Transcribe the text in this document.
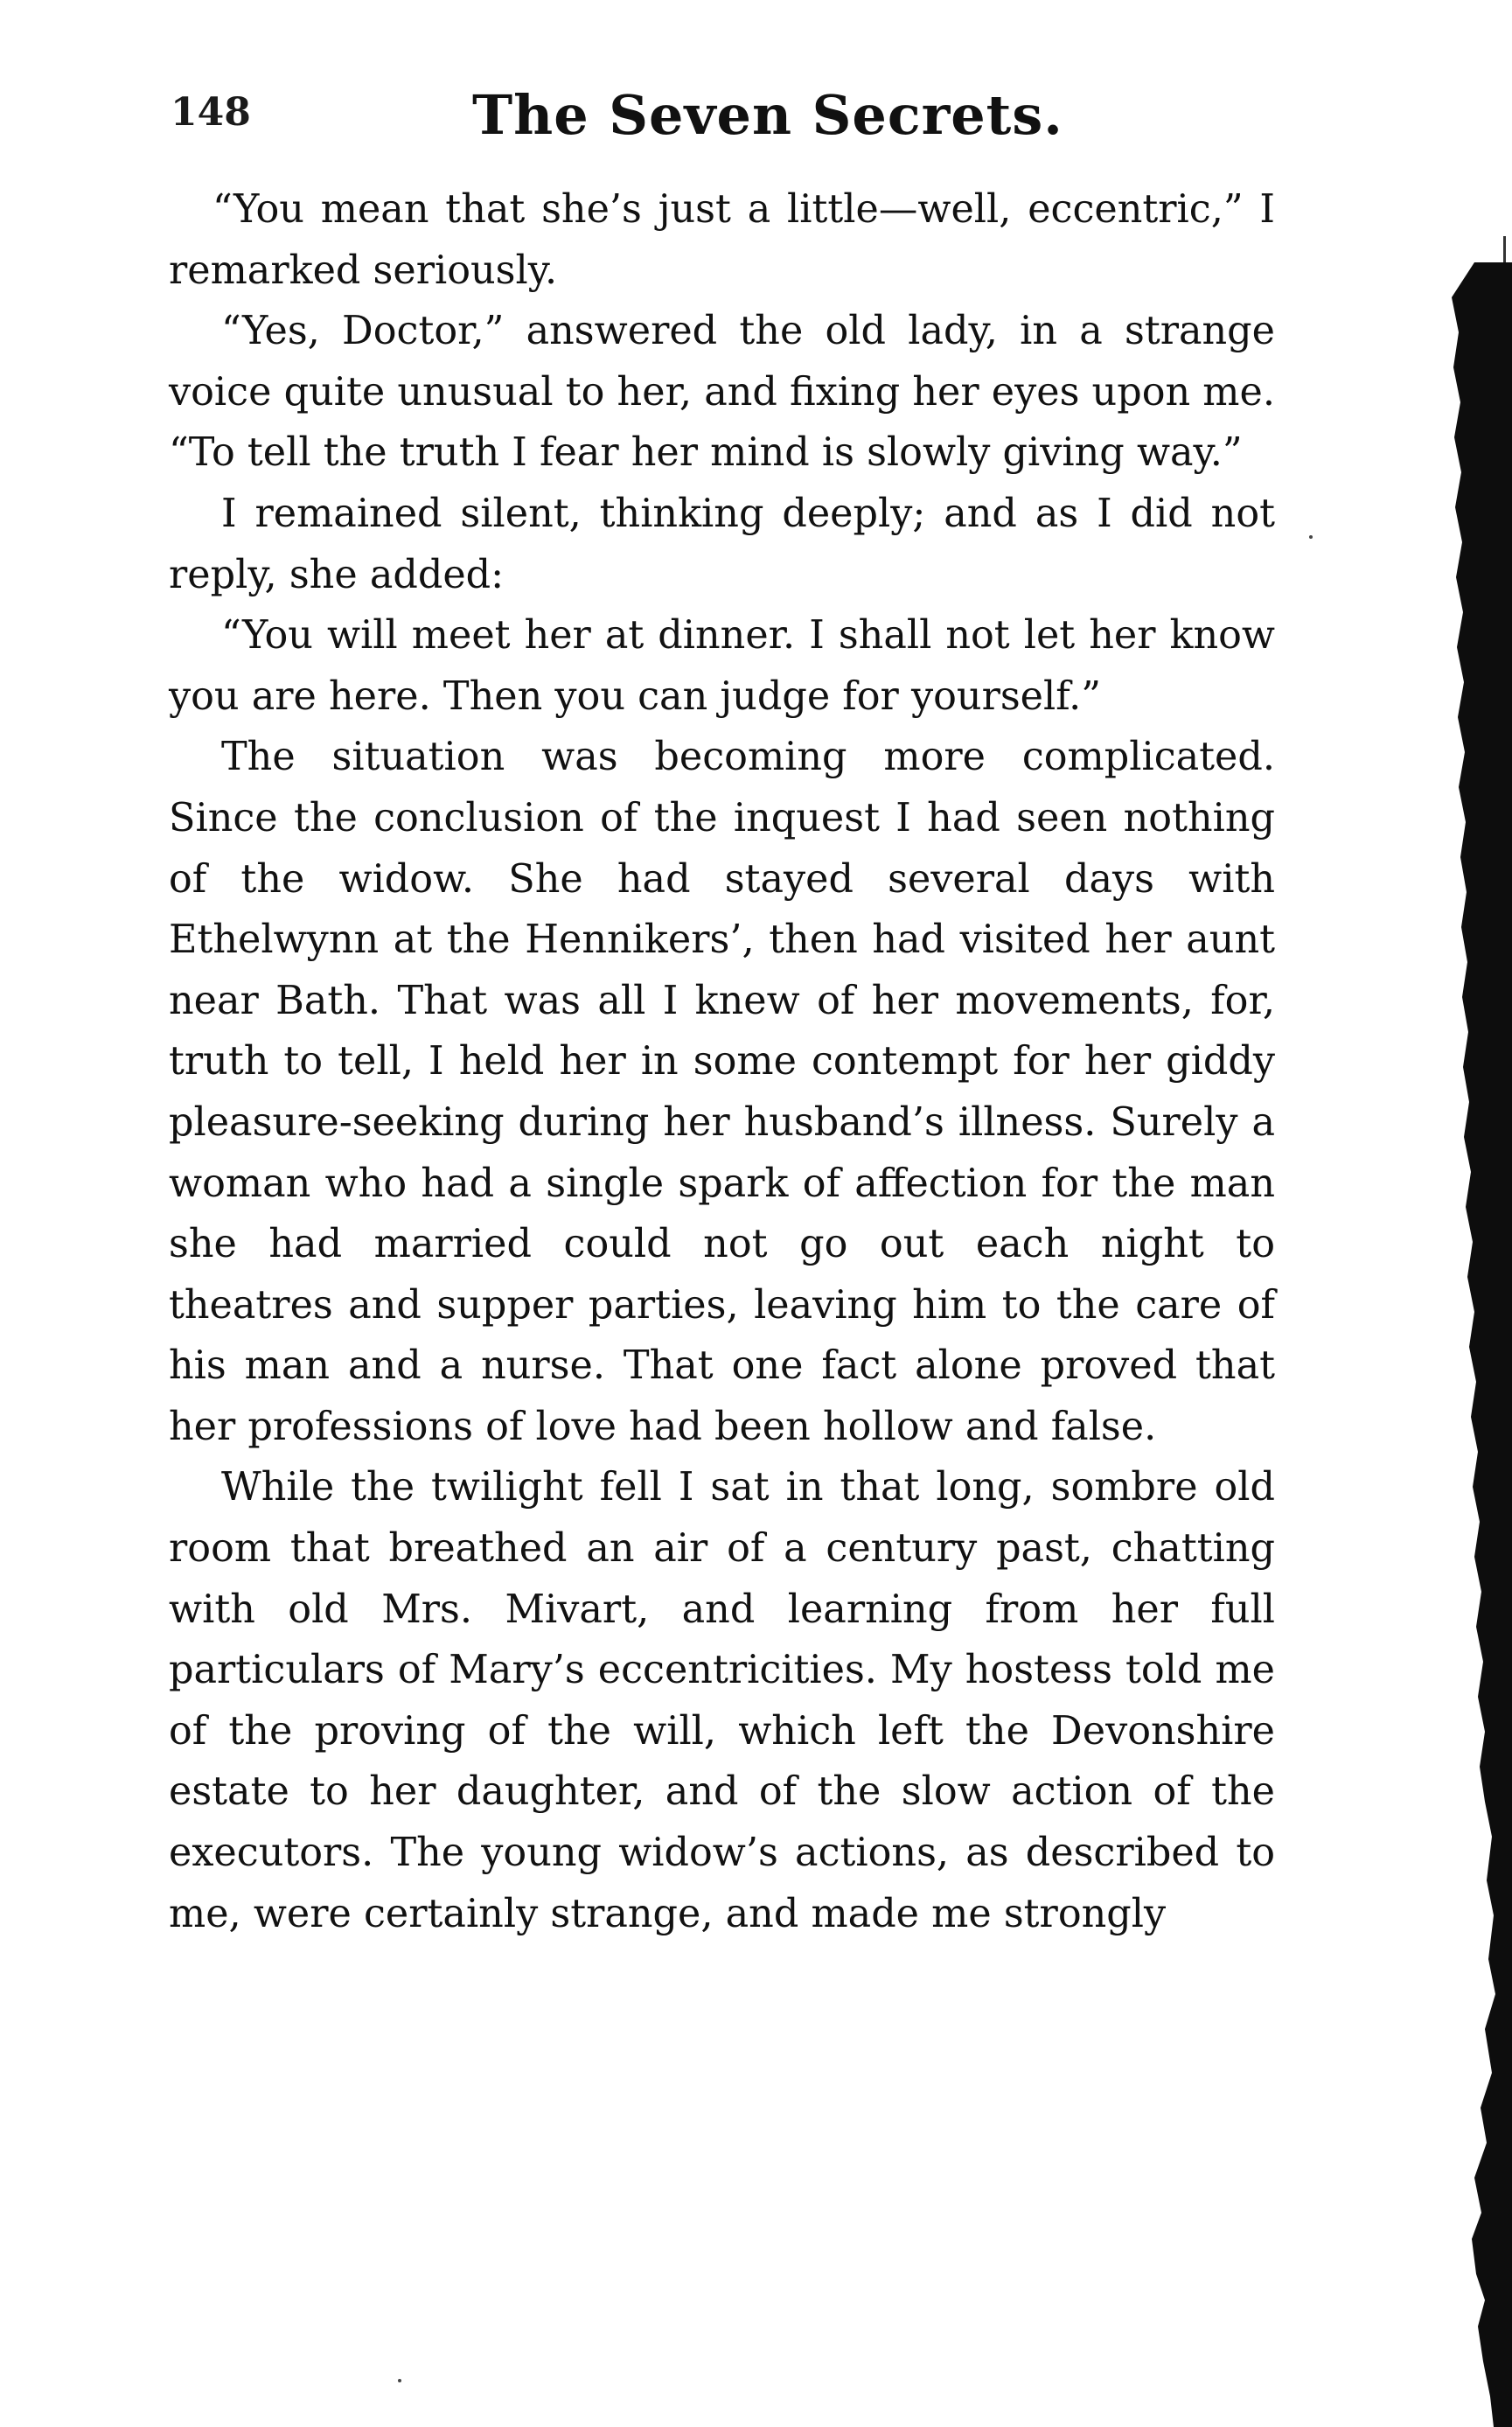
148	The Seven Secrets.

“You mean that she’s just a little—well, eccentric,” I remarked seriously.

“Yes, Doctor,” answered the old lady, in a strange voice quite unusual to her, and fixing her eyes upon me. “To tell the truth I fear her mind is slowly giving way.”

I remained silent, thinking deeply; and as I did not reply, she added:

“You will meet her at dinner. I shall not let her know you are here. Then you can judge for yourself.”

The situation was becoming more complicated. Since the conclusion of the inquest I had seen nothing of the widow. She had stayed several days with Ethelwynn at the Hennikers’, then had visited her aunt near Bath. That was all I knew of her movements, for, truth to tell, I held her in some contempt for her giddy pleasure-seeking during her husband’s illness. Surely a woman who had a single spark of affection for the man she had married could not go out each night to theatres and supper parties, leaving him to the care of his man and a nurse. That one fact alone proved that her professions of love had been hollow and false.

While the twilight fell I sat in that long, sombre old room that breathed an air of a century past, chatting with old Mrs. Mivart, and learning from her full particulars of Mary’s eccentricities. My hostess told me of the proving of the will, which left the Devonshire estate to her daughter, and of the slow action of the executors. The young widow’s actions, as described to me, were certainly strange, and made me strongly
